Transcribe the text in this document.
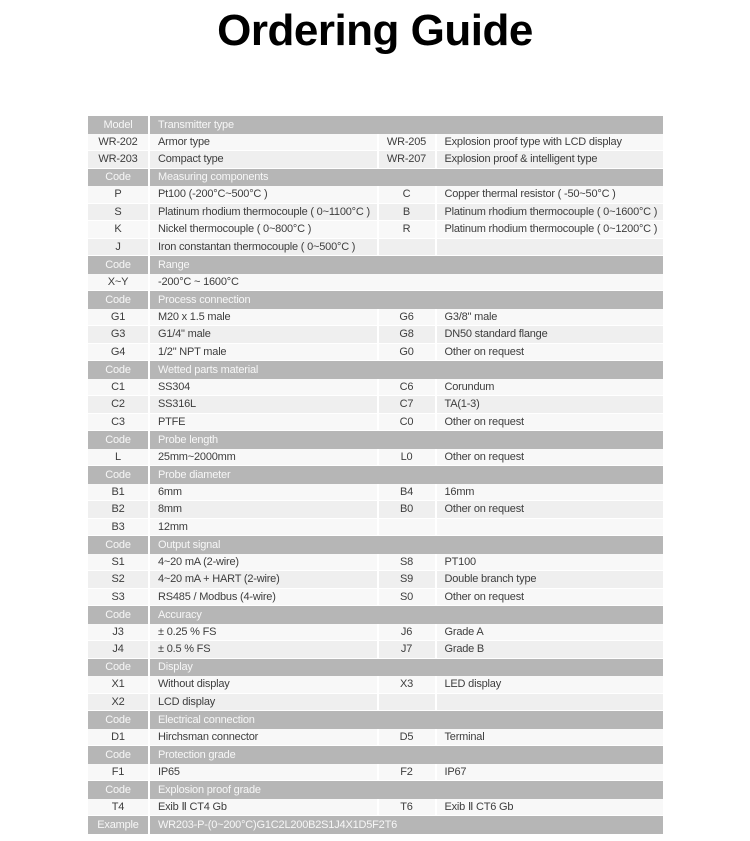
Ordering Guide
Model	Transmitter type
WR-202	Armor type	WR-205	Explosion proof type with LCD display
WR-203	Compact type	WR-207	Explosion proof & intelligent type
Code	Measuring components
P	Pt100 (-200°C~500°C )	C	Copper thermal resistor ( -50~50°C )
S	Platinum rhodium thermocouple ( 0~1100°C )	B	Platinum rhodium thermocouple ( 0~1600°C )
K	Nickel thermocouple ( 0~800°C )	R	Platinum rhodium thermocouple ( 0~1200°C )
J	Iron constantan thermocouple ( 0~500°C )
Code	Range
X~Y	-200°C ~ 1600°C
Code	Process connection
G1	M20 x 1.5 male	G6	G3/8" male
G3	G1/4" male	G8	DN50 standard flange
G4	1/2" NPT male	G0	Other on request
Code	Wetted parts material
C1	SS304	C6	Corundum
C2	SS316L	C7	TA(1-3)
C3	PTFE	C0	Other on request
Code	Probe length
L	25mm~2000mm	L0	Other on request
Code	Probe diameter
B1	6mm	B4	16mm
B2	8mm	B0	Other on request
B3	12mm
Code	Output signal
S1	4~20 mA (2-wire)	S8	PT100
S2	4~20 mA + HART (2-wire)	S9	Double branch type
S3	RS485 / Modbus (4-wire)	S0	Other on request
Code	Accuracy
J3	± 0.25 % FS	J6	Grade A
J4	± 0.5 % FS	J7	Grade B
Code	Display
X1	Without display	X3	LED display
X2	LCD display
Code	Electrical connection
D1	Hirchsman connector	D5	Terminal
Code	Protection grade
F1	IP65	F2	IP67
Code	Explosion proof grade
T4	Exib Ⅱ CT4 Gb	T6	Exib Ⅱ CT6 Gb
Example	WR203-P-(0~200°C)G1C2L200B2S1J4X1D5F2T6
